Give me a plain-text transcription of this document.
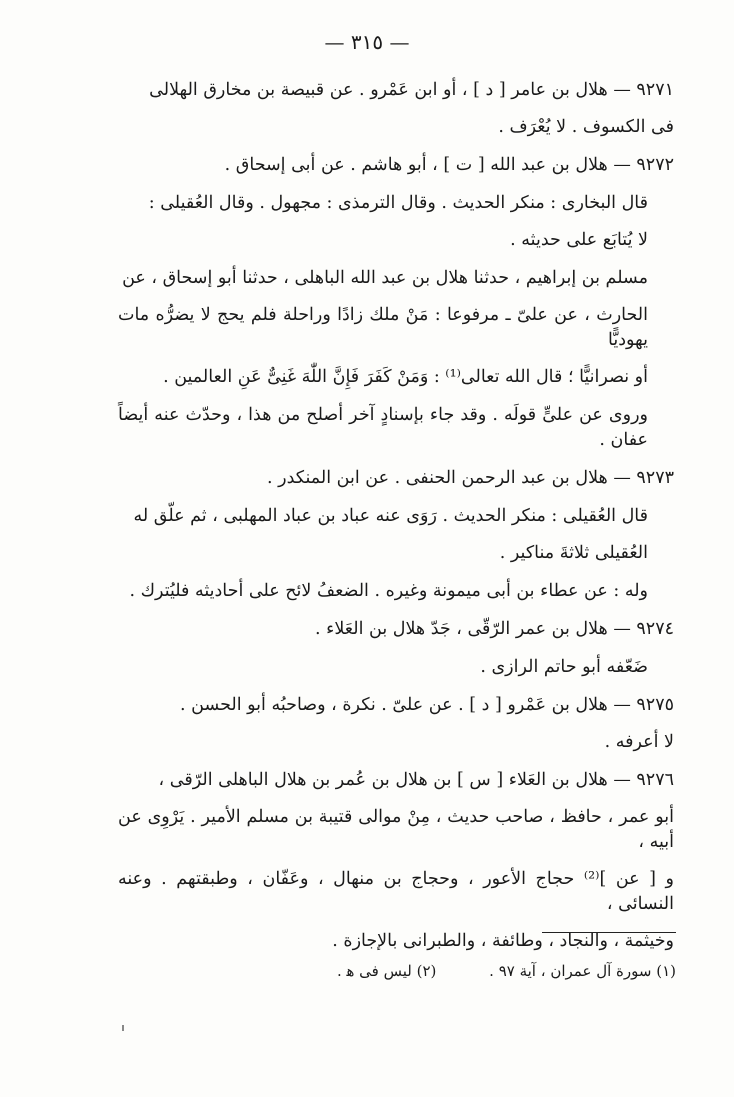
— ٣١٥ —

٩٢٧١ — هلال بن عامر [ د ] ، أو ابن عَمْرو . عن قبيصة بن مخارق الهلالى
فى الكسوف . لا يُعْرَف .

٩٢٧٢ — هلال بن عبد الله [ ت ] ، أبو هاشم . عن أبى إسحاق .

قال البخارى : منكر الحديث . وقال الترمذى : مجهول . وقال العُقيلى :
لا يُتابَع على حديثه .

مسلم بن إبراهيم ، حدثنا هلال بن عبد الله الباهلى ، حدثنا أبو إسحاق ، عن
الحارث ، عن علىّ ـ مرفوعا : مَنْ ملك زادًا وراحلة فلم يحج لا يضرُّه مات يهوديًّا
أو نصرانيًّا ؛ قال الله تعالى⁽¹⁾ : وَمَنْ كَفَرَ فَإِنَّ اللّٰهَ غَنِىٌّ عَنِ العالمين .

وروى عن علىٍّ قولَه . وقد جاء بإسنادٍ آخر أصلح من هذا ، وحدّث عنه أيضاً عفان .

٩٢٧٣ — هلال بن عبد الرحمن الحنفى . عن ابن المنكدر .

قال العُقيلى : منكر الحديث . رَوَى عنه عباد بن عباد المهلبى ، ثم علّق له
العُقيلى ثلاثةَ مناكير .

وله : عن عطاء بن أبى ميمونة وغيره . الضعفُ لائح على أحاديثه فليُترك .

٩٢٧٤ — هلال بن عمر الرّقّى ، جَدّ هلال بن العَلاء .

ضَعّفه أبو حاتم الرازى .

٩٢٧٥ — هلال بن عَمْرو [ د ] . عن علىّ . نكرة ، وصاحبُه أبو الحسن .
لا أعرفه .

٩٢٧٦ — هلال بن العَلاء [ س ] بن هلال بن عُمر بن هلال الباهلى الرّقى ،
أبو عمر ، حافظ ، صاحب حديث ، مِنْ موالى قتيبة بن مسلم الأمير . يَرْوِى عن أبيه ،
و [ عن ]⁽²⁾ حجاج الأعور ، وحجاج بن منهال ، وعَفّان ، وطبقتهم . وعنه النسائى ،
وخيثمة ، والنجاد ، وطائفة ، والطبرانى بالإجازة .

(١) سورة آل عمران ، آية ٩٧ . (٢) ليس فى ﻫ .
